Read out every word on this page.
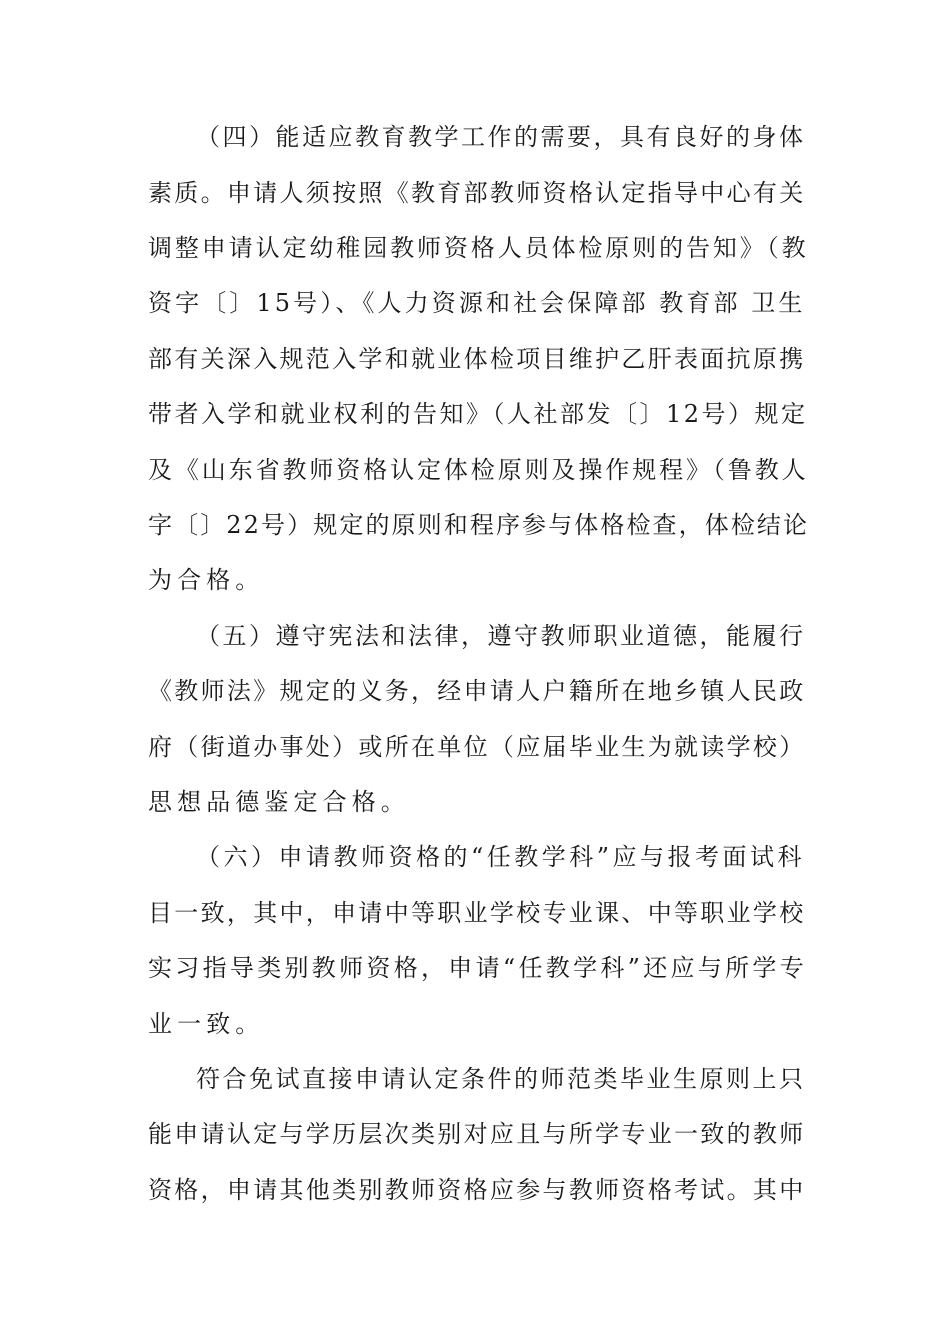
（四）能适应教育教学工作的需要，具有良好的身体
素质。申请人须按照《教育部教师资格认定指导中心有关
调整申请认定幼稚园教师资格人员体检原则的告知》（教
资字〔〕15号）、《人力资源和社会保障部 教育部 卫生
部有关深入规范入学和就业体检项目维护乙肝表面抗原携
带者入学和就业权利的告知》（人社部发〔〕12号）规定
及《山东省教师资格认定体检原则及操作规程》（鲁教人
字〔〕22号）规定的原则和程序参与体格检查，体检结论
为合格。
（五）遵守宪法和法律，遵守教师职业道德，能履行
《教师法》规定的义务，经申请人户籍所在地乡镇人民政
府（街道办事处）或所在单位（应届毕业生为就读学校）
思想品德鉴定合格。
（六）申请教师资格的“任教学科”应与报考面试科
目一致，其中，申请中等职业学校专业课、中等职业学校
实习指导类别教师资格，申请“任教学科”还应与所学专
业一致。
符合免试直接申请认定条件的师范类毕业生原则上只
能申请认定与学历层次类别对应且与所学专业一致的教师
资格，申请其他类别教师资格应参与教师资格考试。其中
